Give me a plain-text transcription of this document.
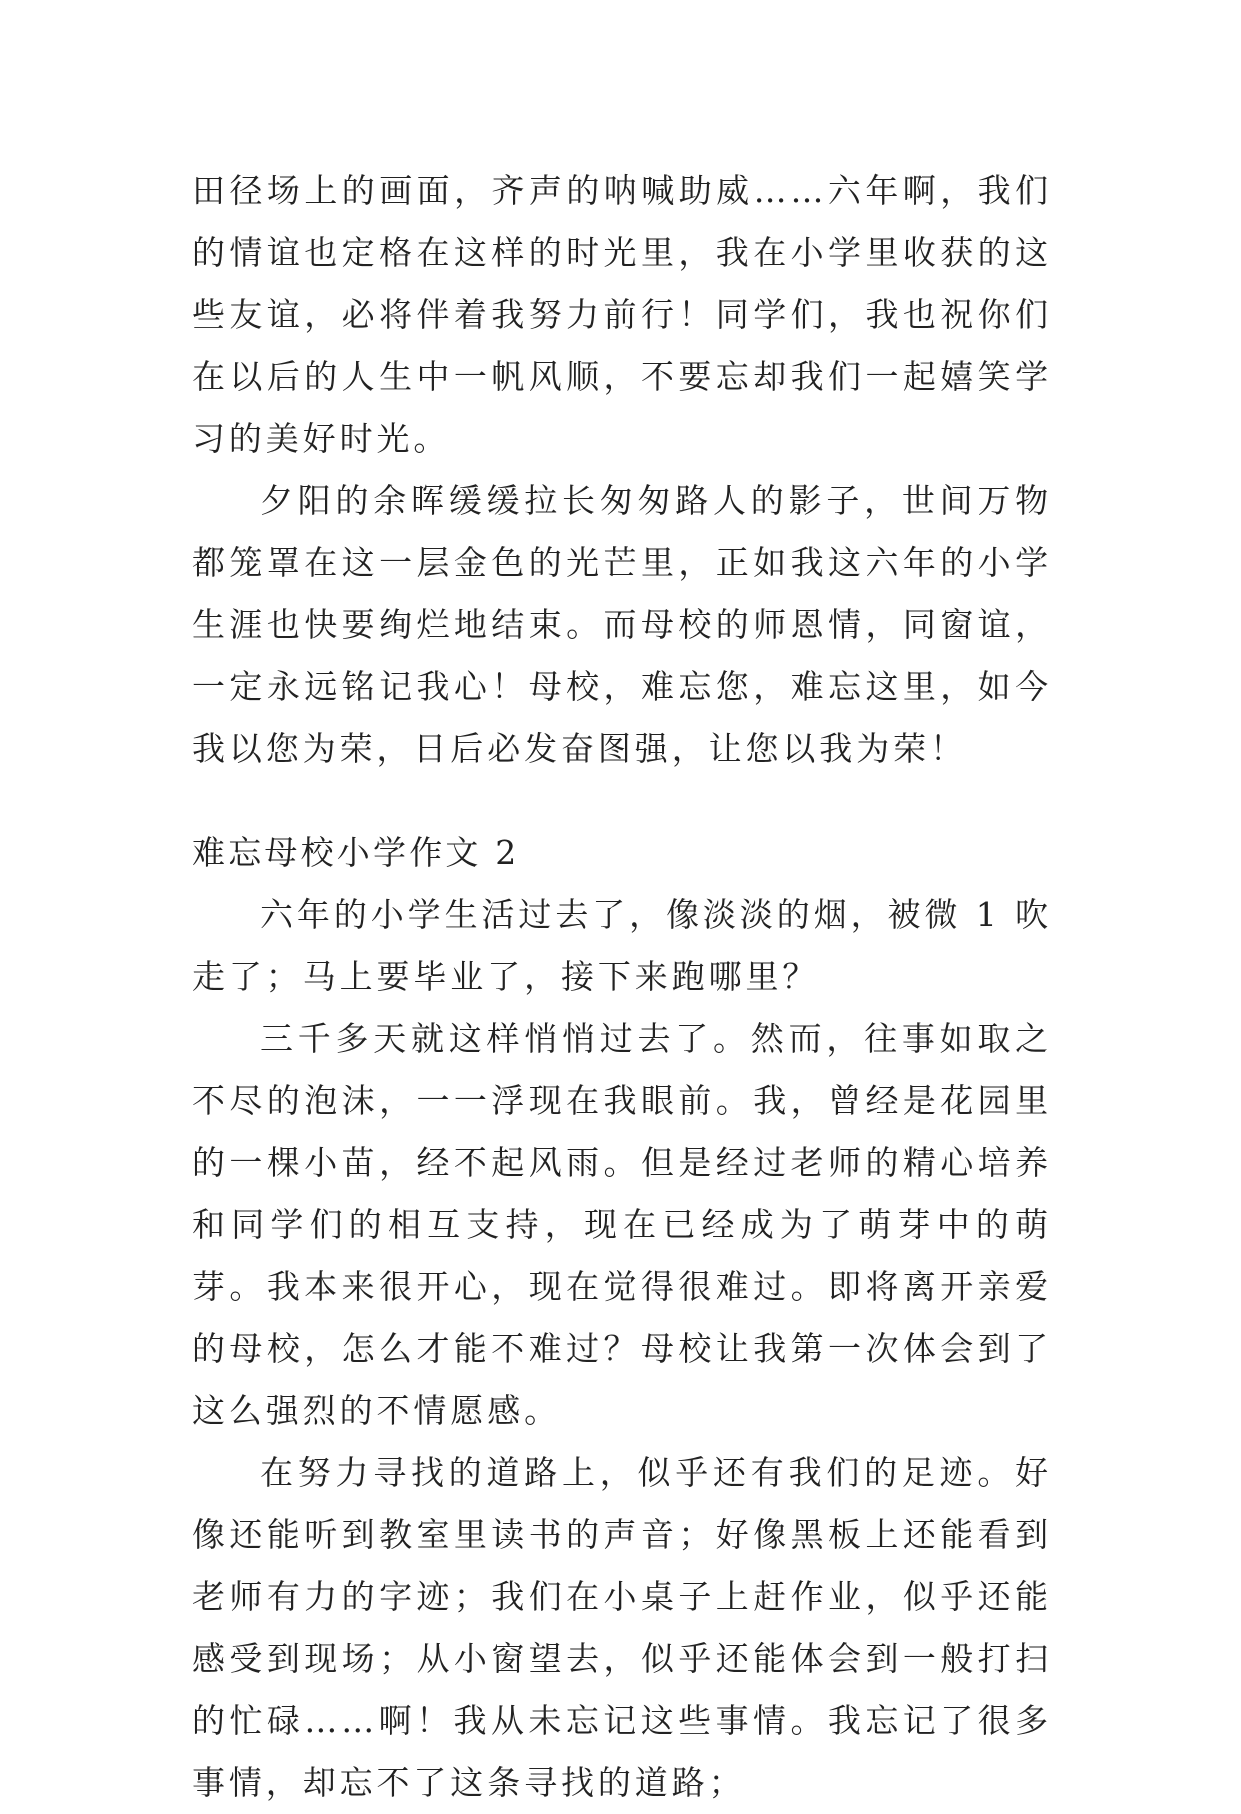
田径场上的画面，齐声的呐喊助威……六年啊，我们的情谊也定格在这样的时光里，我在小学里收获的这些友谊，必将伴着我努力前行！同学们，我也祝你们在以后的人生中一帆风顺，不要忘却我们一起嬉笑学习的美好时光。

夕阳的余晖缓缓拉长匆匆路人的影子，世间万物都笼罩在这一层金色的光芒里，正如我这六年的小学生涯也快要绚烂地结束。而母校的师恩情，同窗谊，一定永远铭记我心！母校，难忘您，难忘这里，如今我以您为荣，日后必发奋图强，让您以我为荣！

难忘母校小学作文 2

六年的小学生活过去了，像淡淡的烟，被微 1 吹走了；马上要毕业了，接下来跑哪里？

三千多天就这样悄悄过去了。然而，往事如取之不尽的泡沫，一一浮现在我眼前。我，曾经是花园里的一棵小苗，经不起风雨。但是经过老师的精心培养和同学们的相互支持，现在已经成为了萌芽中的萌芽。我本来很开心，现在觉得很难过。即将离开亲爱的母校，怎么才能不难过？母校让我第一次体会到了这么强烈的不情愿感。

在努力寻找的道路上，似乎还有我们的足迹。好像还能听到教室里读书的声音；好像黑板上还能看到老师有力的字迹；我们在小桌子上赶作业，似乎还能感受到现场；从小窗望去，似乎还能体会到一般打扫的忙碌……啊！我从未忘记这些事情。我忘记了很多事情，却忘不了这条寻找的道路；
